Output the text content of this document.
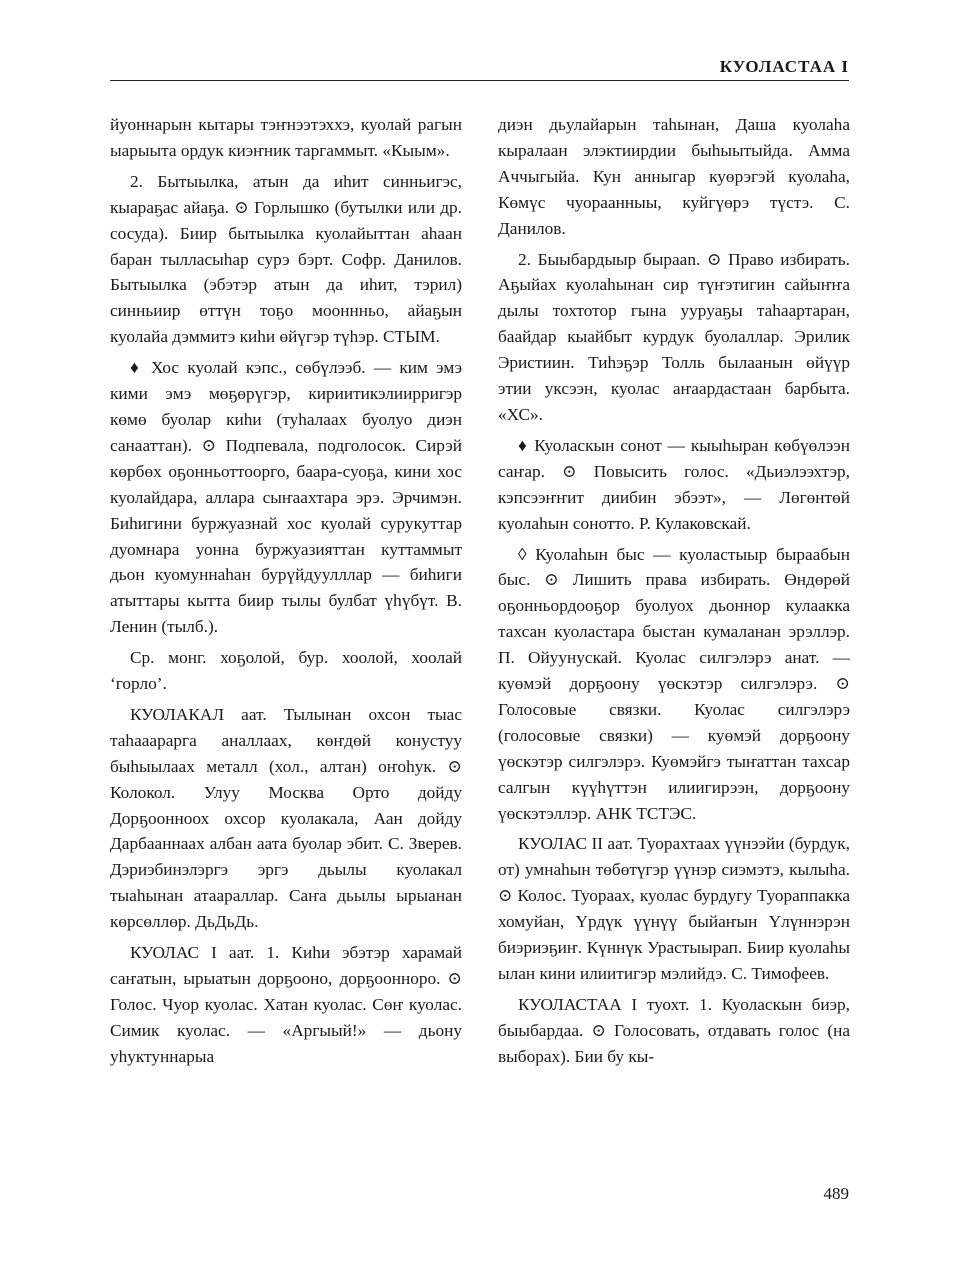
КУОЛАСТАА I

йуоннарын кытары тэҥнээтэххэ, куолай рагын ыарыыта ордук киэҥник таргаммыт. «Кыым».

2. Бытыылка, атын да иһит синньигэс, кыараҕас айаҕа. ⊙ Горлышко (бутылки или др. сосуда). Биир бытыылка куолайыттан аһаан баран тылласыһар сурэ бэрт. Софр. Данилов. Бытыылка (эбэтэр атын да иһит, тэрил) синньиир өттүн тоҕо мооннньо, айаҕын куолайа дэммитэ киһи өйүгэр түһэр. СТЫМ.

♦ Хос куолай кэпс., сөбүлээб. — ким эмэ кими эмэ мөҕөрүгэр, кириитикэлиирригэр көмө буолар киһи (туһалаах буолуо диэн санааттан). ⊙ Подпевала, подголосок. Сирэй көрбөх оҕонньоттоорго, баара-суоҕа, кини хос куолайдара, аллара сыҥаахтара эрэ. Эрчимэн. Биһигини буржуазнай хос куолай сурукуттар дуомнара уонна буржуазияттан куттаммыт дьон куомуннаһан бурүйдуулллар — биһиги атыттары кытта биир тылы булбат үһүбүт. В. Ленин (тылб.).

Ср. монг. хоҕолой, бур. хоолой, хоолай ‘горло’.

КУОЛАКАЛ аат. Тылынан охсон тыас таһааарарга аналлаах, көҥдөй конустуу быһыылаах металл (хол., алтан) оҥоһук. ⊙ Колокол. Улуу Москва Орто дойду Дорҕоонноох охсор куолакала, Аан дойду Дарбааннаах албан аата буолар эбит. С. Зверев. Дэриэбинэлэргэ эргэ дьылы куолакал тыаһынан атаараллар. Саҥа дьылы ырыанан көрсөллөр. ДьДьДь.

КУОЛАС I аат. 1. Киһи эбэтэр харамай саҥатын, ырыатын дорҕооно, дорҕооннорo. ⊙ Голос. Чуор куолас. Хатан куолас. Сөҥ куолас. Симик куолас. — «Аргыый!» — дьону уһуктуннарыа

диэн дьулайарын таһынан, Даша куолаһа кыралаан элэктиирдии быһыытыйда. Амма Аччыгыйа. Кун анныгар куөрэгэй куолаһа, Көмүс чуораанныы, куйгүөрэ түстэ. С. Данилов.

2. Быыбардыыр бырааn. ⊙ Право избирать. Аҕыйах куолаһынан сир түҥэтигин сайыҥҥа дылы тохтотор гына ууруаҕы таһаартаран, баайдар кыайбыт курдук буолаллар. Эрилик Эристиин. Тиһэҕэр Толль былаанын өйүүр этии уксээн, куолас аҥаардастаан барбыта. «ХС».

♦ Куоласкын сонот — кыыһыран көбүөлээн саҥар. ⊙ Повысить голос. «Дьиэлээхтэр, кэпсээҥҥит диибин эбээт», — Лөгөнтөй куолаһын сонотто. Р. Кулаковскай.

◊ Куолаһын быс — куоластыыр быраабын быс. ⊙ Лишить права избирать. Өндөрөй оҕонньордооҕор буолуох дьоннор кулаакка тахсан куоластара быстан кумаланан эрэллэр. П. Ойуунускай. Куолас силгэлэрэ анат. — куөмэй дорҕоону үөскэтэр силгэлэрэ. ⊙ Голосовые связки. Куолас силгэлэрэ (голосовые связки) — куөмэй дорҕоону үөскэтэр силгэлэрэ. Куөмэйгэ тыҥаттан тахсар салгын күүһүттэн илиигирээн, дорҕоону үөскэтэллэр. АНК ТСТЭС.

КУОЛАС II аат. Туорахтаах үүнээйи (бурдук, от) умнаһын төбөтүгэр үүнэр сиэмэтэ, кылыһа. ⊙ Колос. Туораах, куолас бурдугу Туораппакка хомуйан, Үрдүк үүнүү быйаҥын Үлүннэрэн биэриэҕиҥ. Күннүк Урастыырап. Биир куолаһы ылан кини илиитигэр мэлийдэ. С. Тимофеев.

КУОЛАСТАА I туохт. 1. Куоласкын биэр, быыбардаа. ⊙ Голосовать, отдавать голос (на выборах). Бии бу кы-

489
